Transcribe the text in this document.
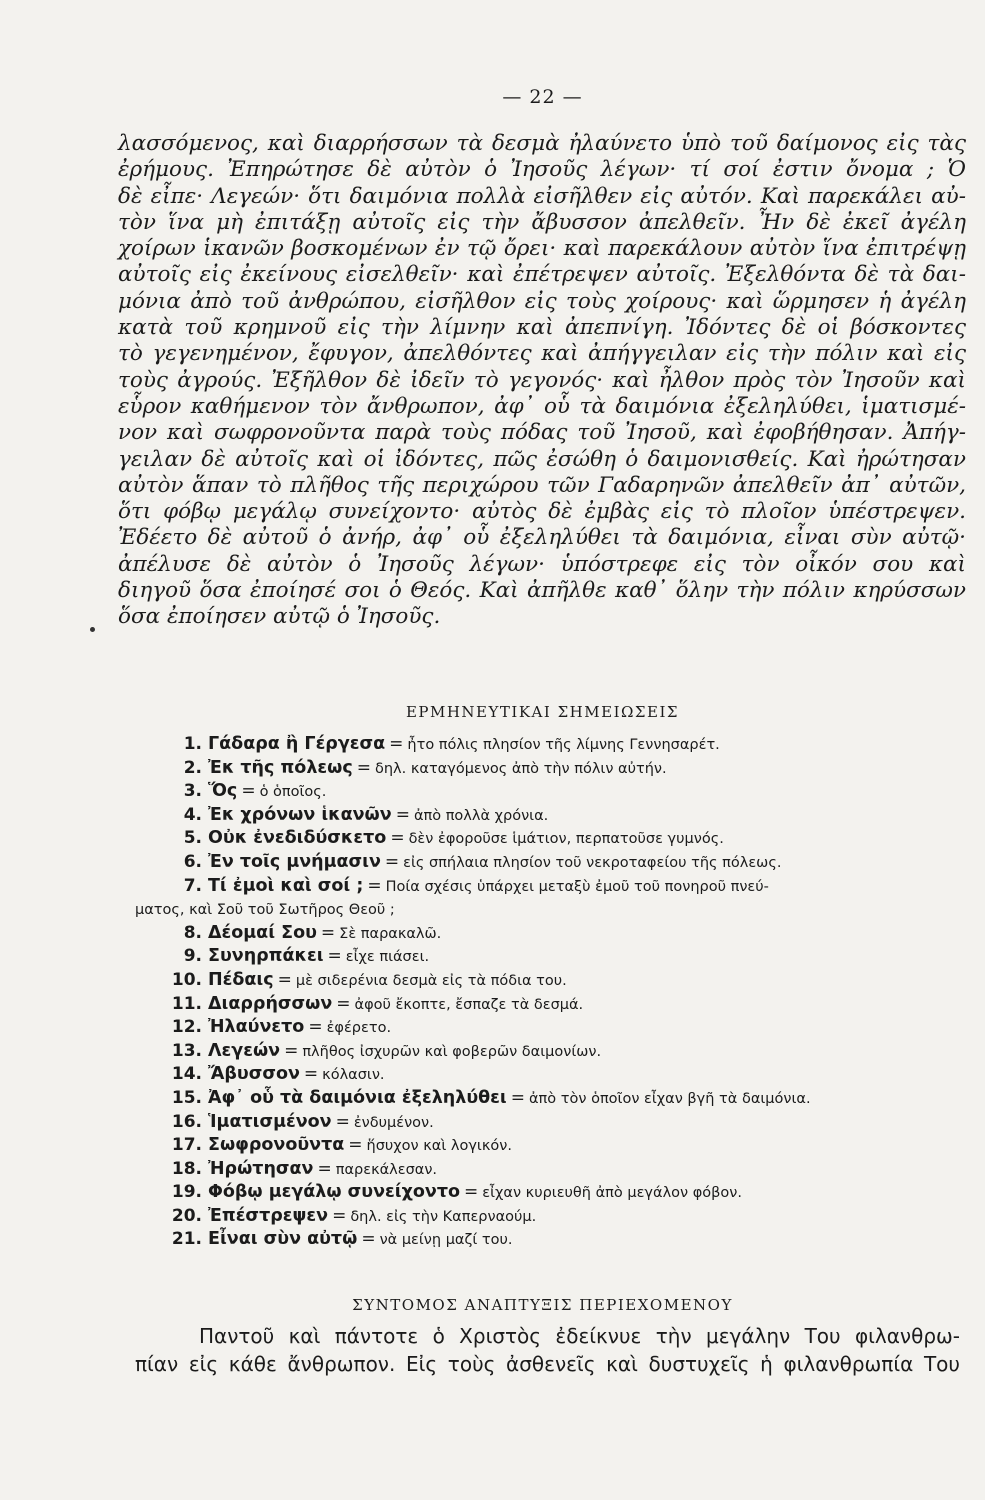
— 22 —
λασσόμενος, καὶ διαρρήσσων τὰ δεσμὰ ἠλαύνετο ὑπὸ τοῦ δαίμονος εἰς τὰς
ἐρήμους. Ἐπηρώτησε δὲ αὐτὸν ὁ Ἰησοῦς λέγων· τί σοί ἐστιν ὄνομα ; Ὁ
δὲ εἶπε· Λεγεών· ὅτι δαιμόνια πολλὰ εἰσῆλθεν εἰς αὐτόν. Καὶ παρεκάλει αὐ-
τὸν ἵνα μὴ ἐπιτάξῃ αὐτοῖς εἰς τὴν ἄβυσσον ἀπελθεῖν. Ἦν δὲ ἐκεῖ ἀγέλη
χοίρων ἱκανῶν βοσκομένων ἐν τῷ ὄρει· καὶ παρεκάλουν αὐτὸν ἵνα ἐπιτρέψῃ
αὐτοῖς εἰς ἐκείνους εἰσελθεῖν· καὶ ἐπέτρεψεν αὐτοῖς. Ἐξελθόντα δὲ τὰ δαι-
μόνια ἀπὸ τοῦ ἀνθρώπου, εἰσῆλθον εἰς τοὺς χοίρους· καὶ ὥρμησεν ἡ ἀγέλη
κατὰ τοῦ κρημνοῦ εἰς τὴν λίμνην καὶ ἀπεπνίγη. Ἰδόντες δὲ οἱ βόσκοντες
τὸ γεγενημένον, ἔφυγον, ἀπελθόντες καὶ ἀπήγγειλαν εἰς τὴν πόλιν καὶ εἰς
τοὺς ἀγρούς. Ἐξῆλθον δὲ ἰδεῖν τὸ γεγονός· καὶ ἦλθον πρὸς τὸν Ἰησοῦν καὶ
εὗρον καθήμενον τὸν ἄνθρωπον, ἀφ᾿ οὗ τὰ δαιμόνια ἐξεληλύθει, ἱματισμέ-
νον καὶ σωφρονοῦντα παρὰ τοὺς πόδας τοῦ Ἰησοῦ, καὶ ἐφοβήθησαν. Ἀπήγ-
γειλαν δὲ αὐτοῖς καὶ οἱ ἰδόντες, πῶς ἐσώθη ὁ δαιμονισθείς. Καὶ ἠρώτησαν
αὐτὸν ἅπαν τὸ πλῆθος τῆς περιχώρου τῶν Γαδαρηνῶν ἀπελθεῖν ἀπ᾿ αὐτῶν,
ὅτι φόβῳ μεγάλῳ συνείχοντο· αὐτὸς δὲ ἐμβὰς εἰς τὸ πλοῖον ὑπέστρεψεν.
Ἐδέετο δὲ αὐτοῦ ὁ ἀνήρ, ἀφ᾿ οὗ ἐξεληλύθει τὰ δαιμόνια, εἶναι σὺν αὐτῷ·
ἀπέλυσε δὲ αὐτὸν ὁ Ἰησοῦς λέγων· ὑπόστρεφε εἰς τὸν οἶκόν σου καὶ
διηγοῦ ὅσα ἐποίησέ σοι ὁ Θεός. Καὶ ἀπῆλθε καθ᾿ ὅλην τὴν πόλιν κηρύσσων
ὅσα ἐποίησεν αὐτῷ ὁ Ἰησοῦς.
ΕΡΜΗΝΕΥΤΙΚΑΙ ΣΗΜΕΙΩΣΕΙΣ
1. Γάδαρα ἢ Γέργεσα = ἦτο πόλις πλησίον τῆς λίμνης Γεννησαρέτ.
2. Ἐκ τῆς πόλεως = δηλ. καταγόμενος ἀπὸ τὴν πόλιν αὐτήν.
3. Ὅς = ὁ ὁποῖος.
4. Ἐκ χρόνων ἱκανῶν = ἀπὸ πολλὰ χρόνια.
5. Οὐκ ἐνεδιδύσκετο = δὲν ἐφοροῦσε ἱμάτιον, περπατοῦσε γυμνός.
6. Ἐν τοῖς μνήμασιν = εἰς σπήλαια πλησίον τοῦ νεκροταφείου τῆς πόλεως.
7. Τί ἐμοὶ καὶ σοί ; = Ποία σχέσις ὑπάρχει μεταξὺ ἐμοῦ τοῦ πονηροῦ πνεύ-
ματος, καὶ Σοῦ τοῦ Σωτῆρος Θεοῦ ;
8. Δέομαί Σου = Σὲ παρακαλῶ.
9. Συνηρπάκει = εἶχε πιάσει.
10. Πέδαις = μὲ σιδερένια δεσμὰ εἰς τὰ πόδια του.
11. Διαρρήσσων = ἀφοῦ ἔκοπτε, ἔσπαζε τὰ δεσμά.
12. Ἠλαύνετο = ἐφέρετο.
13. Λεγεών = πλῆθος ἰσχυρῶν καὶ φοβερῶν δαιμονίων.
14. Ἄβυσσον = κόλασιν.
15. Ἀφ᾿ οὗ τὰ δαιμόνια ἐξεληλύθει = ἀπὸ τὸν ὁποῖον εἶχαν βγῆ τὰ δαιμόνια.
16. Ἱματισμένον = ἐνδυμένον.
17. Σωφρονοῦντα = ἥσυχον καὶ λογικόν.
18. Ἠρώτησαν = παρεκάλεσαν.
19. Φόβῳ μεγάλῳ συνείχοντο = εἶχαν κυριευθῆ ἀπὸ μεγάλον φόβον.
20. Ἐπέστρεψεν = δηλ. εἰς τὴν Καπερναούμ.
21. Εἶναι σὺν αὐτῷ = νὰ μείνῃ μαζί του.
ΣΥΝΤΟΜΟΣ ΑΝΑΠΤΥΞΙΣ ΠΕΡΙΕΧΟΜΕΝΟΥ
Παντοῦ καὶ πάντοτε ὁ Χριστὸς ἐδείκνυε τὴν μεγάλην Του φιλανθρω-
πίαν εἰς κάθε ἄνθρωπον. Εἰς τοὺς ἀσθενεῖς καὶ δυστυχεῖς ἡ φιλανθρωπία Του
